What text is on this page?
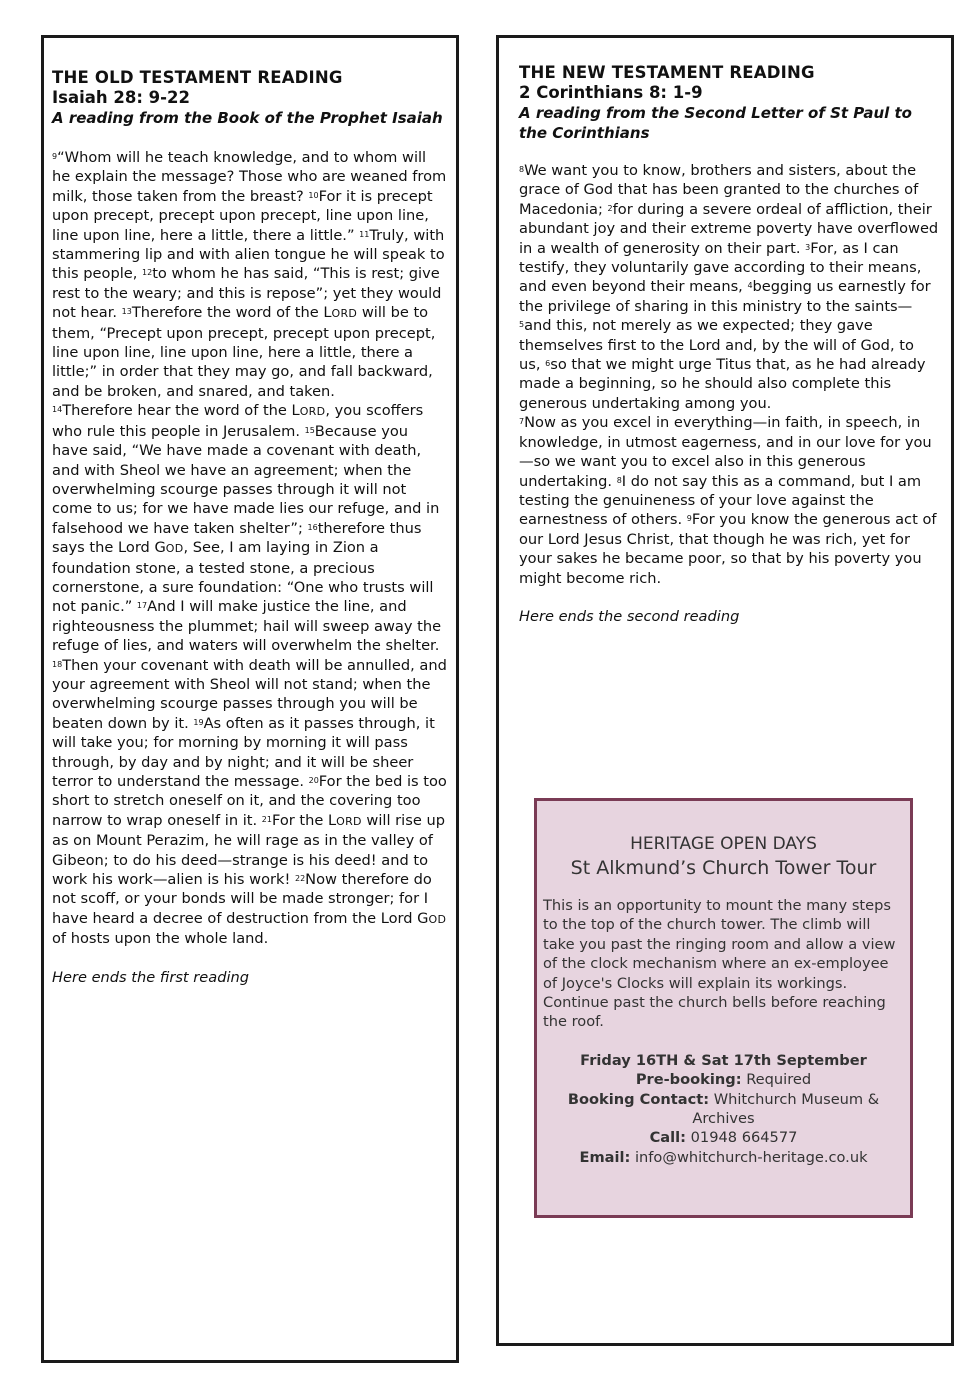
THE OLD TESTAMENT READING
Isaiah 28: 9-22
A reading from the Book of the Prophet Isaiah
$^9$“Whom will he teach knowledge, and to whom will he explain the message? Those who are weaned from milk, those taken from the breast? $^{10}$For it is precept upon precept, precept upon precept, line upon line, line upon line, here a little, there a little.” $^{11}$Truly, with stammering lip and with alien tongue he will speak to this people, $^{12}$to whom he has said, “This is rest; give rest to the weary; and this is repose”; yet they would not hear. $^{13}$Therefore the word of the LORD will be to them, “Precept upon precept, precept upon precept, line upon line, line upon line, here a little, there a little;” in order that they may go, and fall backward, and be broken, and snared, and taken.
$^{14}$Therefore hear the word of the LORD, you scoffers who rule this people in Jerusalem. $^{15}$Because you have said, “We have made a covenant with death, and with Sheol we have an agreement; when the overwhelming scourge passes through it will not come to us; for we have made lies our refuge, and in falsehood we have taken shelter”; $^{16}$therefore thus says the Lord GOD, See, I am laying in Zion a foundation stone, a tested stone, a precious cornerstone, a sure foundation: “One who trusts will not panic.” $^{17}$And I will make justice the line, and righteousness the plummet; hail will sweep away the refuge of lies, and waters will overwhelm the shelter. $^{18}$Then your covenant with death will be annulled, and your agreement with Sheol will not stand; when the overwhelming scourge passes through you will be beaten down by it. $^{19}$As often as it passes through, it will take you; for morning by morning it will pass through, by day and by night; and it will be sheer terror to understand the message. $^{20}$For the bed is too short to stretch oneself on it, and the covering too narrow to wrap oneself in it. $^{21}$For the LORD will rise up as on Mount Perazim, he will rage as in the valley of Gibeon; to do his deed—strange is his deed! and to work his work—alien is his work! $^{22}$Now therefore do not scoff, or your bonds will be made stronger; for I have heard a decree of destruction from the Lord GOD of hosts upon the whole land.
Here ends the first reading
THE NEW TESTAMENT READING
2 Corinthians 8: 1-9
A reading from the Second Letter of St Paul to the Corinthians
$^8$We want you to know, brothers and sisters, about the grace of God that has been granted to the churches of Macedonia; $^2$for during a severe ordeal of affliction, their abundant joy and their extreme poverty have overflowed in a wealth of generosity on their part. $^3$For, as I can testify, they voluntarily gave according to their means, and even beyond their means, $^4$begging us earnestly for the privilege of sharing in this ministry to the saints— $^5$and this, not merely as we expected; they gave themselves first to the Lord and, by the will of God, to us, $^6$so that we might urge Titus that, as he had already made a beginning, so he should also complete this generous undertaking among you.
$^7$Now as you excel in everything—in faith, in speech, in knowledge, in utmost eagerness, and in our love for you—so we want you to excel also in this generous undertaking. $^8$I do not say this as a command, but I am testing the genuineness of your love against the earnestness of others. $^9$For you know the generous act of our Lord Jesus Christ, that though he was rich, yet for your sakes he became poor, so that by his poverty you might become rich.
Here ends the second reading
HERITAGE OPEN DAYS
St Alkmund’s Church Tower Tour
This is an opportunity to mount the many steps to the top of the church tower. The climb will take you past the ringing room and allow a view of the clock mechanism where an ex-employee of Joyce's Clocks will explain its workings. Continue past the church bells before reaching the roof.
Friday 16TH & Sat 17th September
Pre-booking: Required
Booking Contact: Whitchurch Museum & Archives
Call: 01948 664577
Email: info@whitchurch-heritage.co.uk
